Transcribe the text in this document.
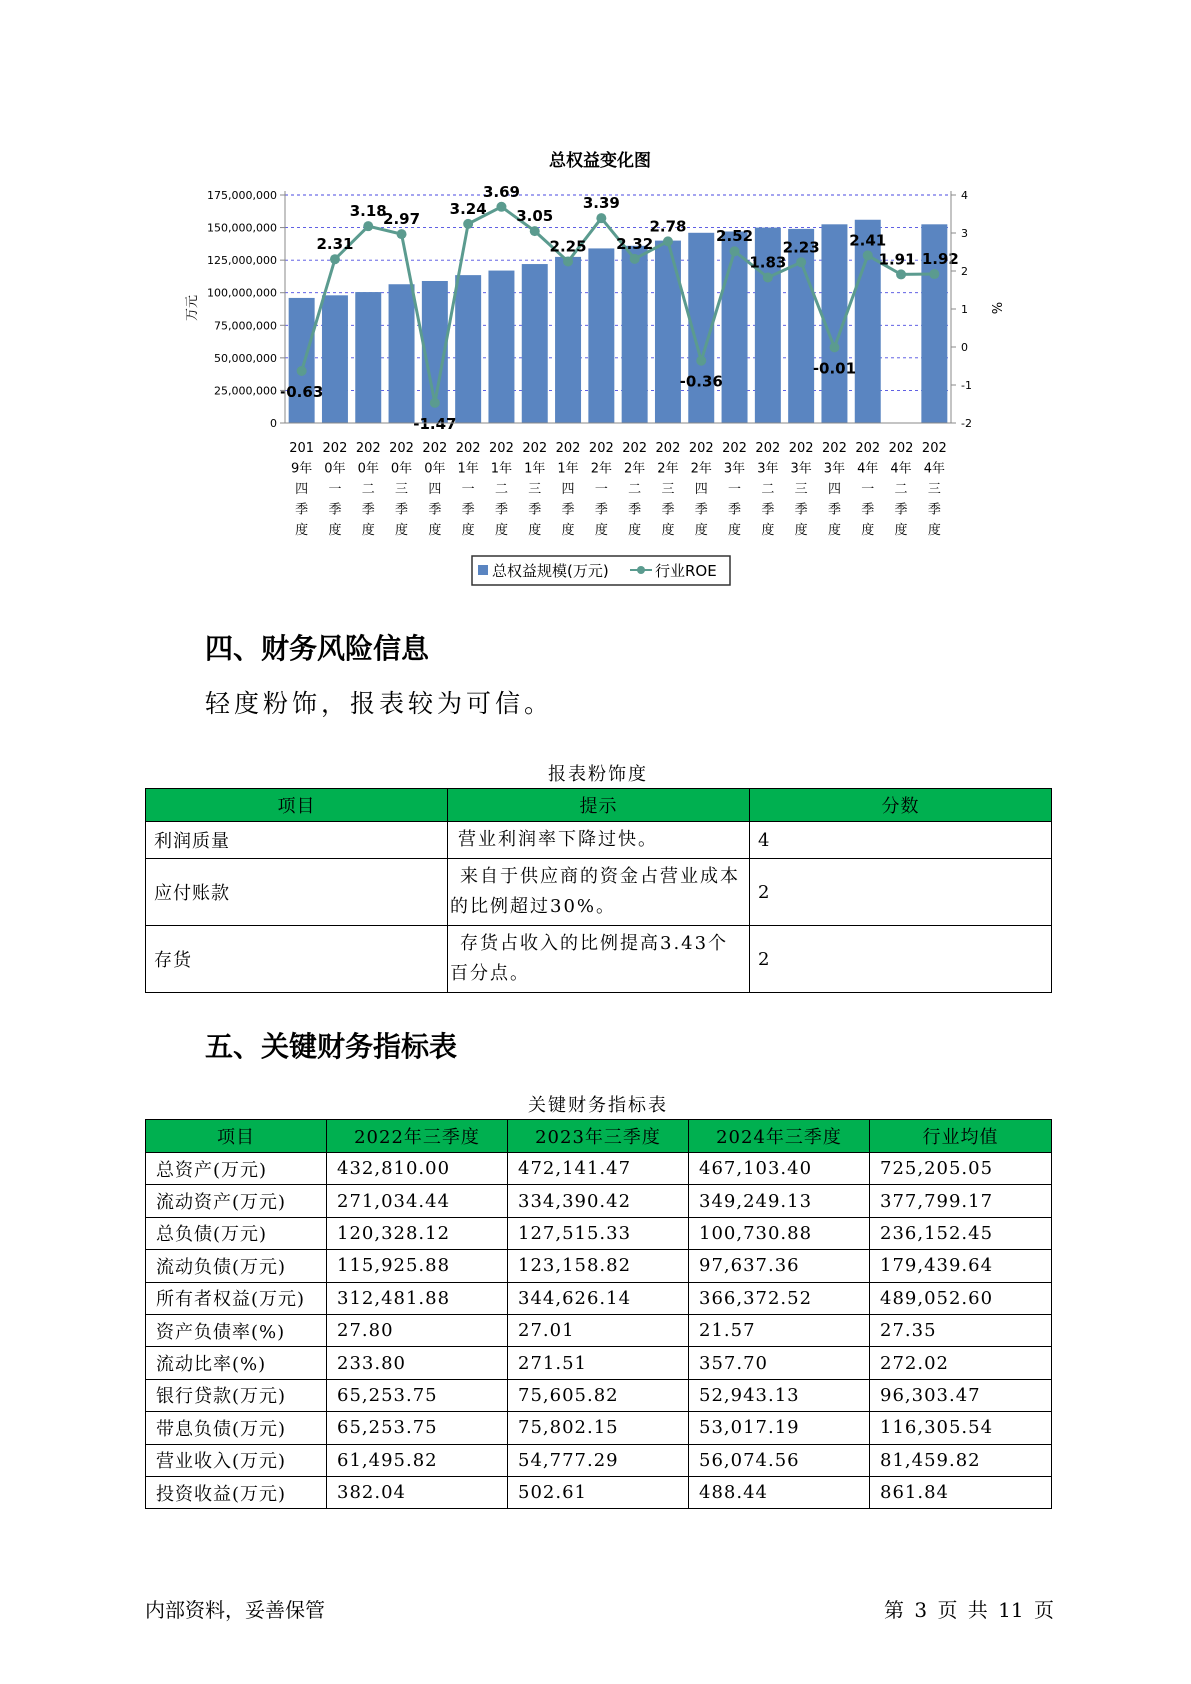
-0.63
2.31
3.18
2.97
-1.47
3.24
3.69
3.05
2.25
3.39
2.32
2.78
-0.36
2.52
1.83
2.23
-0.01
2.41
1.91 1.92
175,000,000
150,000,000
125,000,000
100,000,000
75,000,000
50,000,000
25,000,000
0
4
3
2
1
0
-1
-2
201 9年四季度
202 0年一季度
202 0年二季度
202 0年三季度
202 0年四季度
202 1年一季度
202 1年二季度
202 1年三季度
202 1年四季度
202 2年一季度
202 2年二季度
202 2年三季度
202 2年四季度
202 3年一季度
202 3年二季度
202 3年三季度
202 3年四季度
202 4年一季度
202 4年二季度
202 4年三季度
总权益变化图
万元	%
总权益规模(万元)	行业ROE
四、财务风险信息

轻度粉饰，报表较为可信。

报表粉饰度
项目	提示	分数
利润质量	营业利润率下降过快。	4
应付账款	来自于供应商的资金占营业成本的比例超过30%。	2
存货	存货占收入的比例提高3.43个百分点。	2
五、关键财务指标表
关键财务指标表
项目	2022年三季度	2023年三季度	2024年三季度	行业均值
总资产(万元)	432,810.00	472,141.47	467,103.40	725,205.05
流动资产(万元)	271,034.44	334,390.42	349,249.13	377,799.17
总负债(万元)	120,328.12	127,515.33	100,730.88	236,152.45
流动负债(万元)	115,925.88	123,158.82	97,637.36	179,439.64
所有者权益(万元)	312,481.88	344,626.14	366,372.52	489,052.60
资产负债率(%)	27.80	27.01	21.57	27.35
流动比率(%)	233.80	271.51	357.70	272.02
银行贷款(万元)	65,253.75	75,605.82	52,943.13	96,303.47
带息负债(万元)	65,253.75	75,802.15	53,017.19	116,305.54
营业收入(万元)	61,495.82	54,777.29	56,074.56	81,459.82
投资收益(万元)	382.04	502.61	488.44	861.84
内部资料，妥善保管	第 3 页 共 11 页
